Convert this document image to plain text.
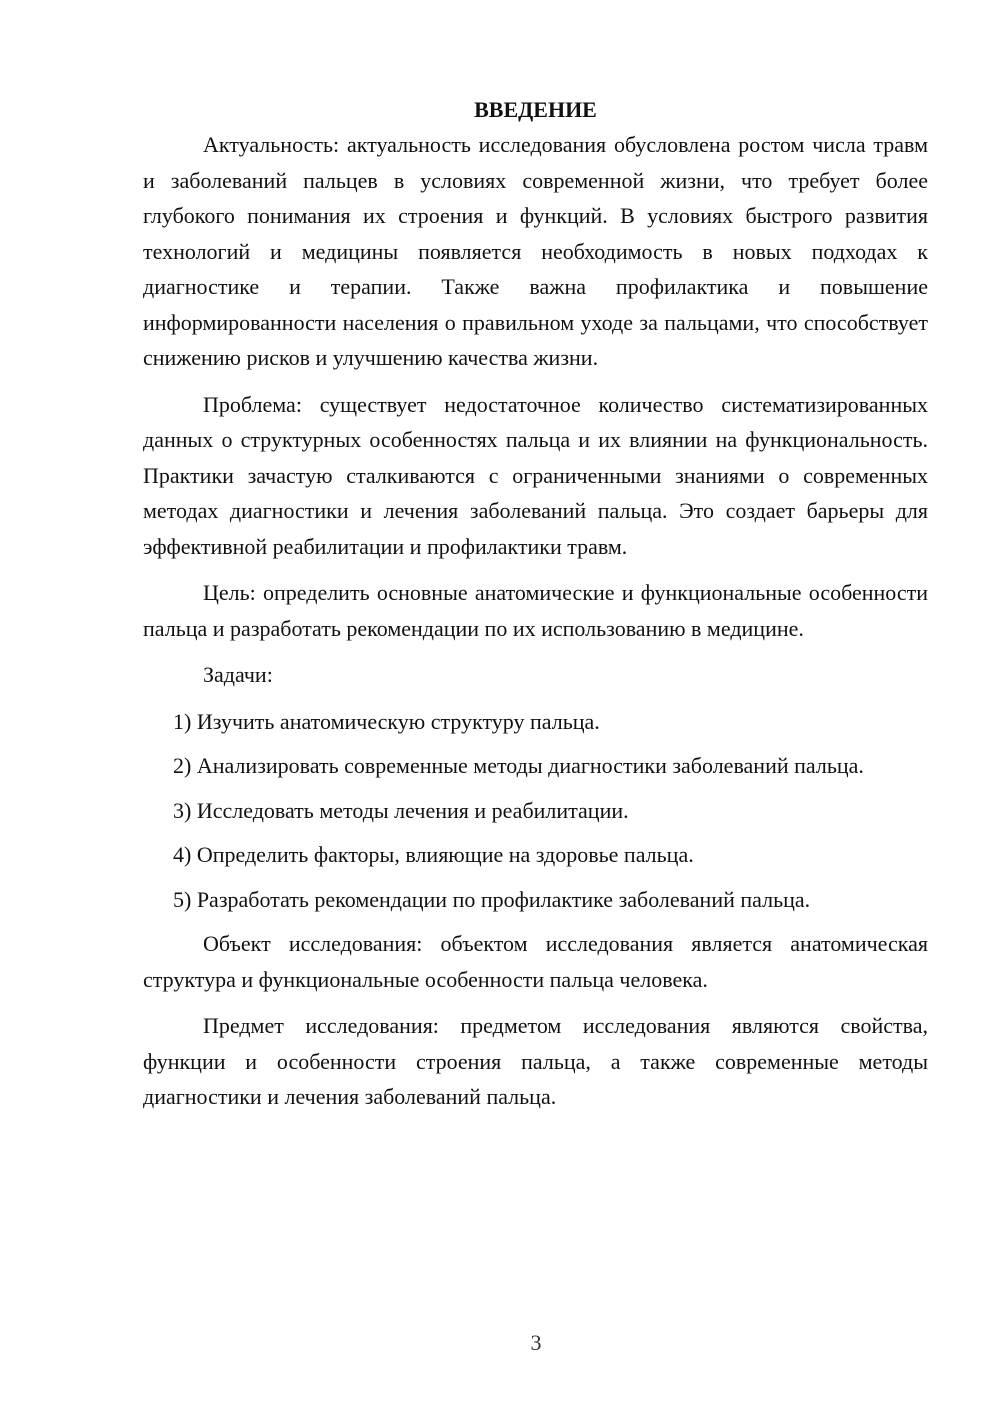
ВВЕДЕНИЕ

Актуальность: актуальность исследования обусловлена ростом числа травм и заболеваний пальцев в условиях современной жизни, что требует более глубокого понимания их строения и функций. В условиях быстрого развития технологий и медицины появляется необходимость в новых подходах к диагностике и терапии. Также важна профилактика и повышение информированности населения о правильном уходе за пальцами, что способствует снижению рисков и улучшению качества жизни.

Проблема: существует недостаточное количество систематизированных данных о структурных особенностях пальца и их влиянии на функциональность. Практики зачастую сталкиваются с ограниченными знаниями о современных методах диагностики и лечения заболеваний пальца. Это создает барьеры для эффективной реабилитации и профилактики травм.

Цель: определить основные анатомические и функциональные особенности пальца и разработать рекомендации по их использованию в медицине.

Задачи:

1) Изучить анатомическую структуру пальца.

2) Анализировать современные методы диагностики заболеваний пальца.

3) Исследовать методы лечения и реабилитации.

4) Определить факторы, влияющие на здоровье пальца.

5) Разработать рекомендации по профилактике заболеваний пальца.

Объект исследования: объектом исследования является анатомическая структура и функциональные особенности пальца человека.

Предмет исследования: предметом исследования являются свойства, функции и особенности строения пальца, а также современные методы диагностики и лечения заболеваний пальца.

3
